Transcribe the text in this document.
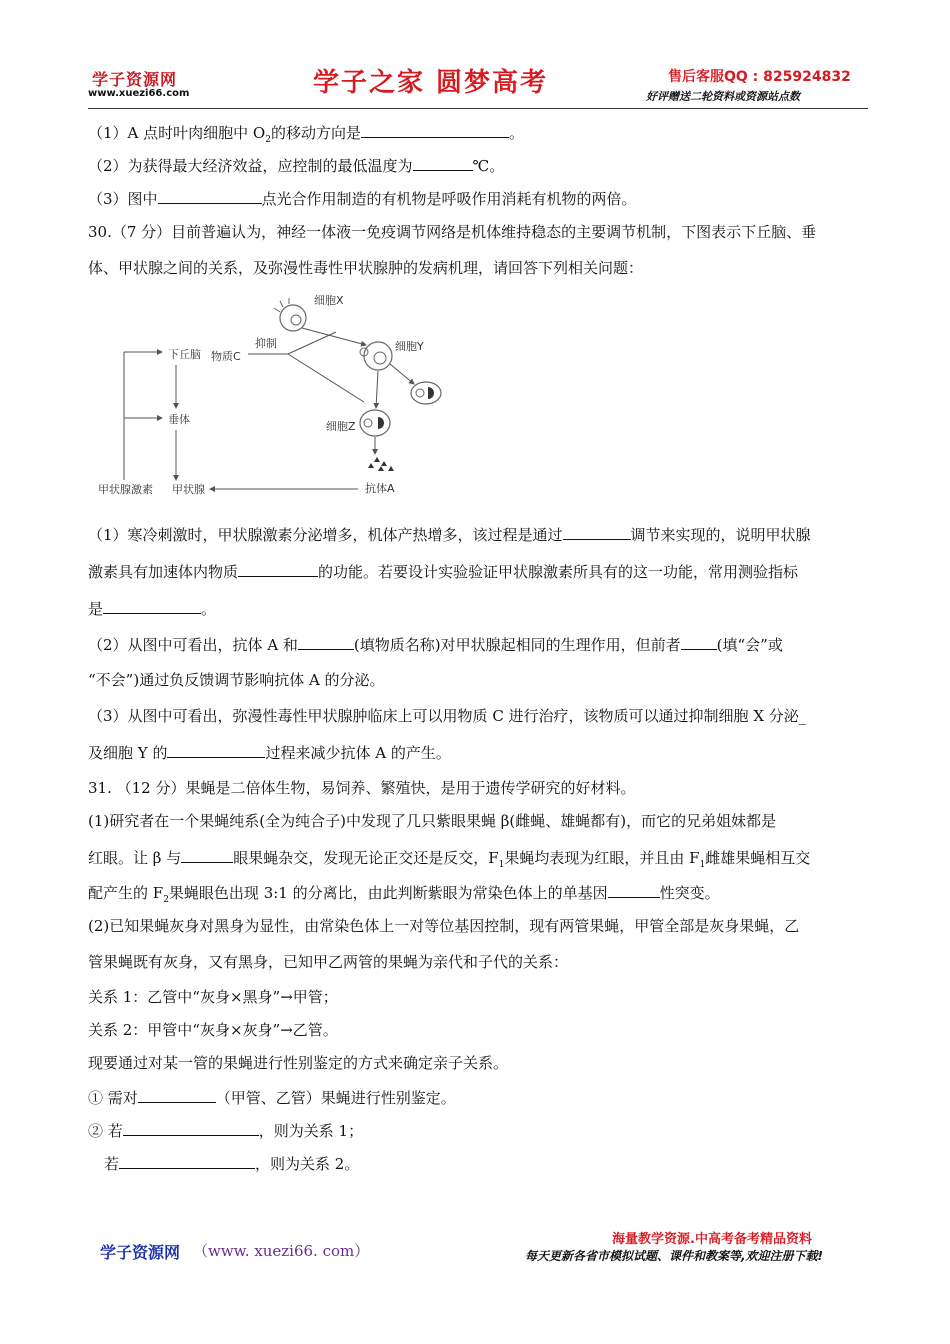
学子资源网
www.xuezi66.com	学子之家 圆梦高考	售后客服QQ : 825924832
好评赠送二轮资料或资源站点数
（1）A 点时叶肉细胞中 $O_2$的移动方向是	。
（2）为获得最大经济效益，应控制的最低温度为	℃。
（3）图中	点光合作用制造的有机物是呼吸作用消耗有机物的两倍。
30.（7 分）目前普遍认为，神经一体液一免疫调节网络是机体维持稳态的主要调节机制，下图表示下丘脑、垂
体、甲状腺之间的关系，及弥漫性毒性甲状腺肿的发病机理，请回答下列相关问题：
细胞X
细胞Y
细胞Z
抗体A
下丘脑 物质C
抑制
垂体
甲状腺激素 甲状腺
（1）寒冷刺激时，甲状腺激素分泌增多，机体产热增多，该过程是通过	调节来实现的，说明甲状腺
激素具有加速体内物质	的功能。若要设计实验验证甲状腺激素所具有的这一功能，常用测验指标
是	。
（2）从图中可看出，抗体 A 和	(填物质名称)对甲状腺起相同的生理作用，但前者 (填“会”或
“不会”)通过负反馈调节影响抗体 A 的分泌。
（3）从图中可看出，弥漫性毒性甲状腺肿临床上可以用物质 C 进行治疗，该物质可以通过抑制细胞 X 分泌_
及细胞 Y 的	过程来减少抗体 A 的产生。
31. （12 分）果蝇是二倍体生物，易饲养、繁殖快，是用于遗传学研究的好材料。
(1)研究者在一个果蝇纯系(全为纯合子)中发现了几只紫眼果蝇 β(雌蝇、雄蝇都有)，而它的兄弟姐妹都是
红眼。让 β 与	眼果蝇杂交，发现无论正交还是反交，$F_1$果蝇均表现为红眼，并且由 $F_1$雌雄果蝇相互交
配产生的 $F_2$果蝇眼色出现 3:1 的分离比，由此判断紫眼为常染色体上的单基因	性突变。
(2)已知果蝇灰身对黑身为显性，由常染色体上一对等位基因控制，现有两管果蝇，甲管全部是灰身果蝇，乙
管果蝇既有灰身，又有黑身，已知甲乙两管的果蝇为亲代和子代的关系：
关系 1：乙管中“灰身×黑身”→甲管；
关系 2：甲管中“灰身×灰身”→乙管。
现要通过对某一管的果蝇进行性别鉴定的方式来确定亲子关系。
① 需对	（甲管、乙管）果蝇进行性别鉴定。
② 若	，则为关系 1；
若	，则为关系 2。
学子资源网 （www. xuezi66. com）
海量教学资源.中高考备考精品资料
每天更新各省市模拟试题、课件和教案等,欢迎注册下载!
